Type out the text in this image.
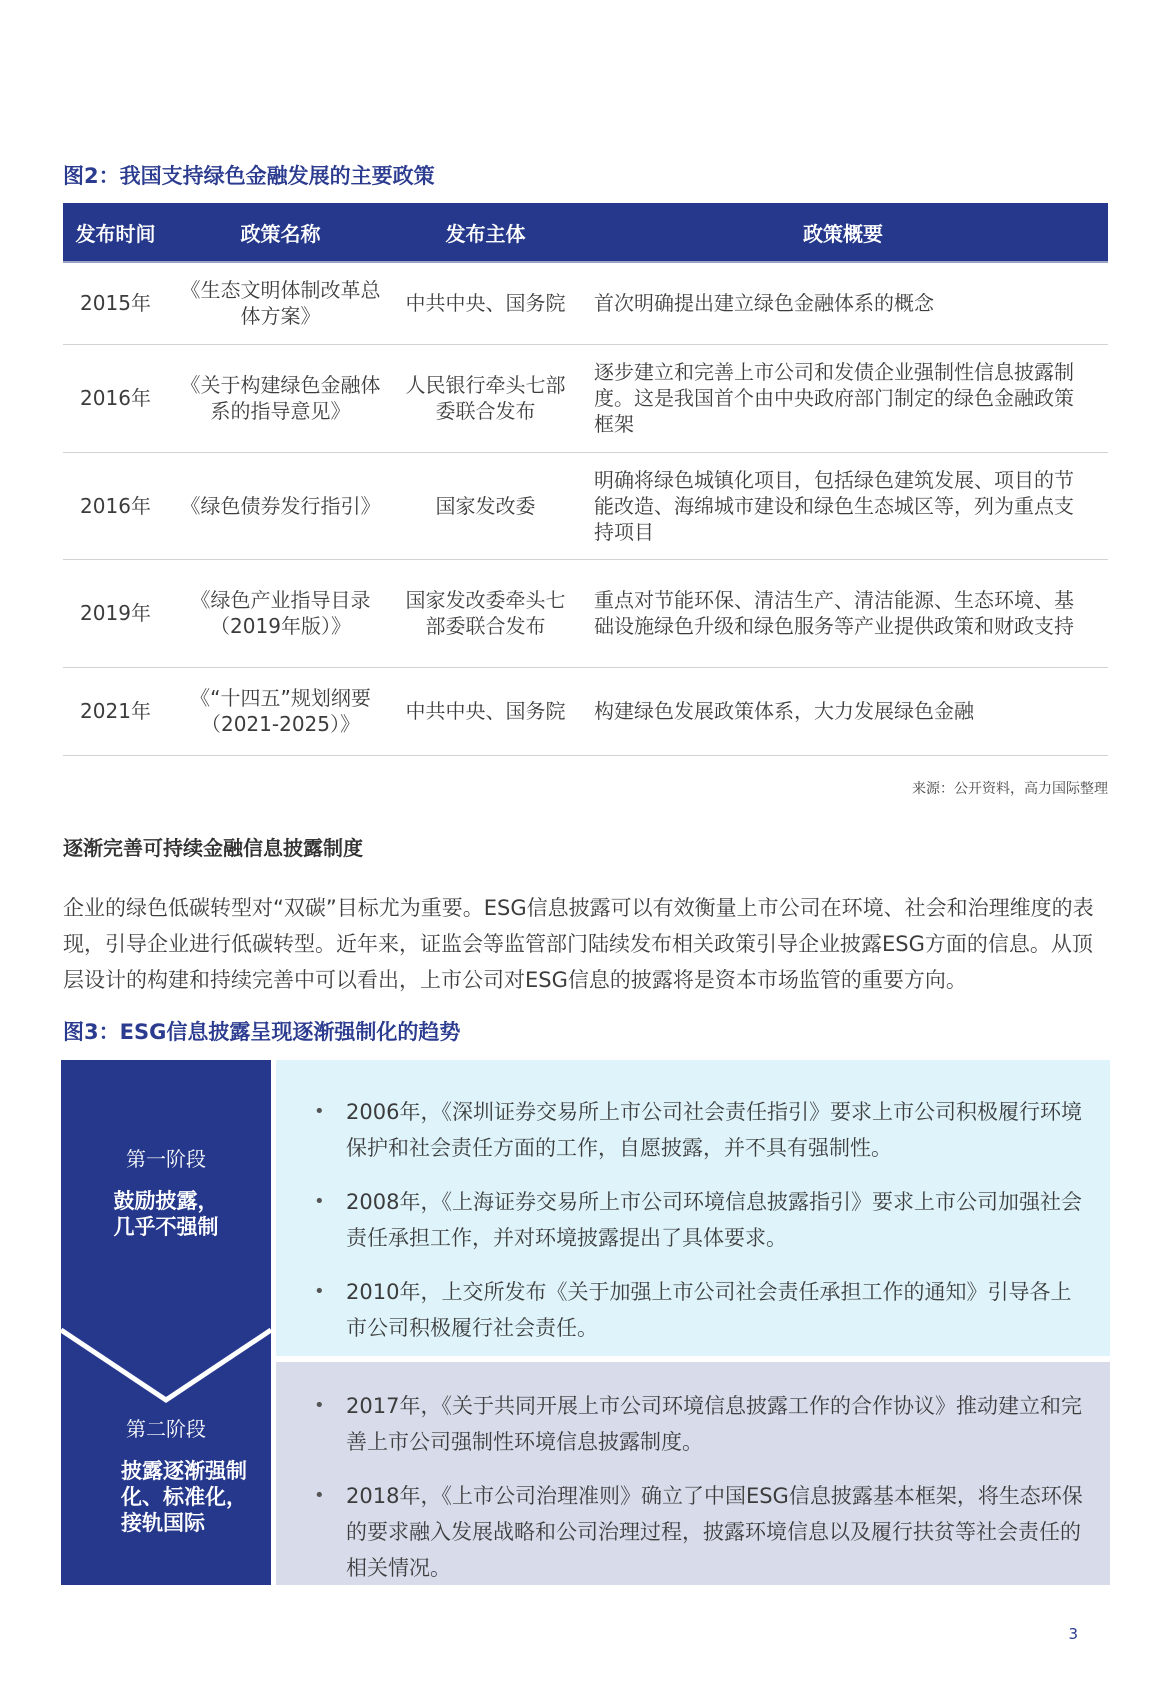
图2：我国支持绿色金融发展的主要政策
发布时间	政策名称	发布主体	政策概要
2015年	《生态文明体制改革总体方案》	中共中央、国务院	首次明确提出建立绿色金融体系的概念
2016年	《关于构建绿色金融体系的指导意见》	人民银行牵头七部委联合发布	逐步建立和完善上市公司和发债企业强制性信息披露制度。这是我国首个由中央政府部门制定的绿色金融政策框架
2016年	《绿色债券发行指引》	国家发改委	明确将绿色城镇化项目，包括绿色建筑发展、项目的节能改造、海绵城市建设和绿色生态城区等，列为重点支持项目
2019年	《绿色产业指导目录（2019年版）》	国家发改委牵头七部委联合发布	重点对节能环保、清洁生产、清洁能源、生态环境、基础设施绿色升级和绿色服务等产业提供政策和财政支持
2021年	《“十四五”规划纲要（2021-2025）》	中共中央、国务院	构建绿色发展政策体系，大力发展绿色金融
来源：公开资料，高力国际整理
逐渐完善可持续金融信息披露制度

企业的绿色低碳转型对“双碳”目标尤为重要。ESG信息披露可以有效衡量上市公司在环境、社会和治理维度的表现，引导企业进行低碳转型。近年来，证监会等监管部门陆续发布相关政策引导企业披露ESG方面的信息。从顶层设计的构建和持续完善中可以看出，上市公司对ESG信息的披露将是资本市场监管的重要方向。

图3：ESG信息披露呈现逐渐强制化的趋势
第一阶段
鼓励披露，几乎不强制
第二阶段
披露逐渐强制化、标准化，接轨国际
• 2006年，《深圳证券交易所上市公司社会责任指引》要求上市公司积极履行环境保护和社会责任方面的工作，自愿披露，并不具有强制性。
• 2008年，《上海证券交易所上市公司环境信息披露指引》要求上市公司加强社会责任承担工作，并对环境披露提出了具体要求。
• 2010年，上交所发布《关于加强上市公司社会责任承担工作的通知》引导各上市公司积极履行社会责任。
• 2017年，《关于共同开展上市公司环境信息披露工作的合作协议》推动建立和完善上市公司强制性环境信息披露制度。
• 2018年，《上市公司治理准则》确立了中国ESG信息披露基本框架，将生态环保的要求融入发展战略和公司治理过程，披露环境信息以及履行扶贫等社会责任的相关情况。
3
